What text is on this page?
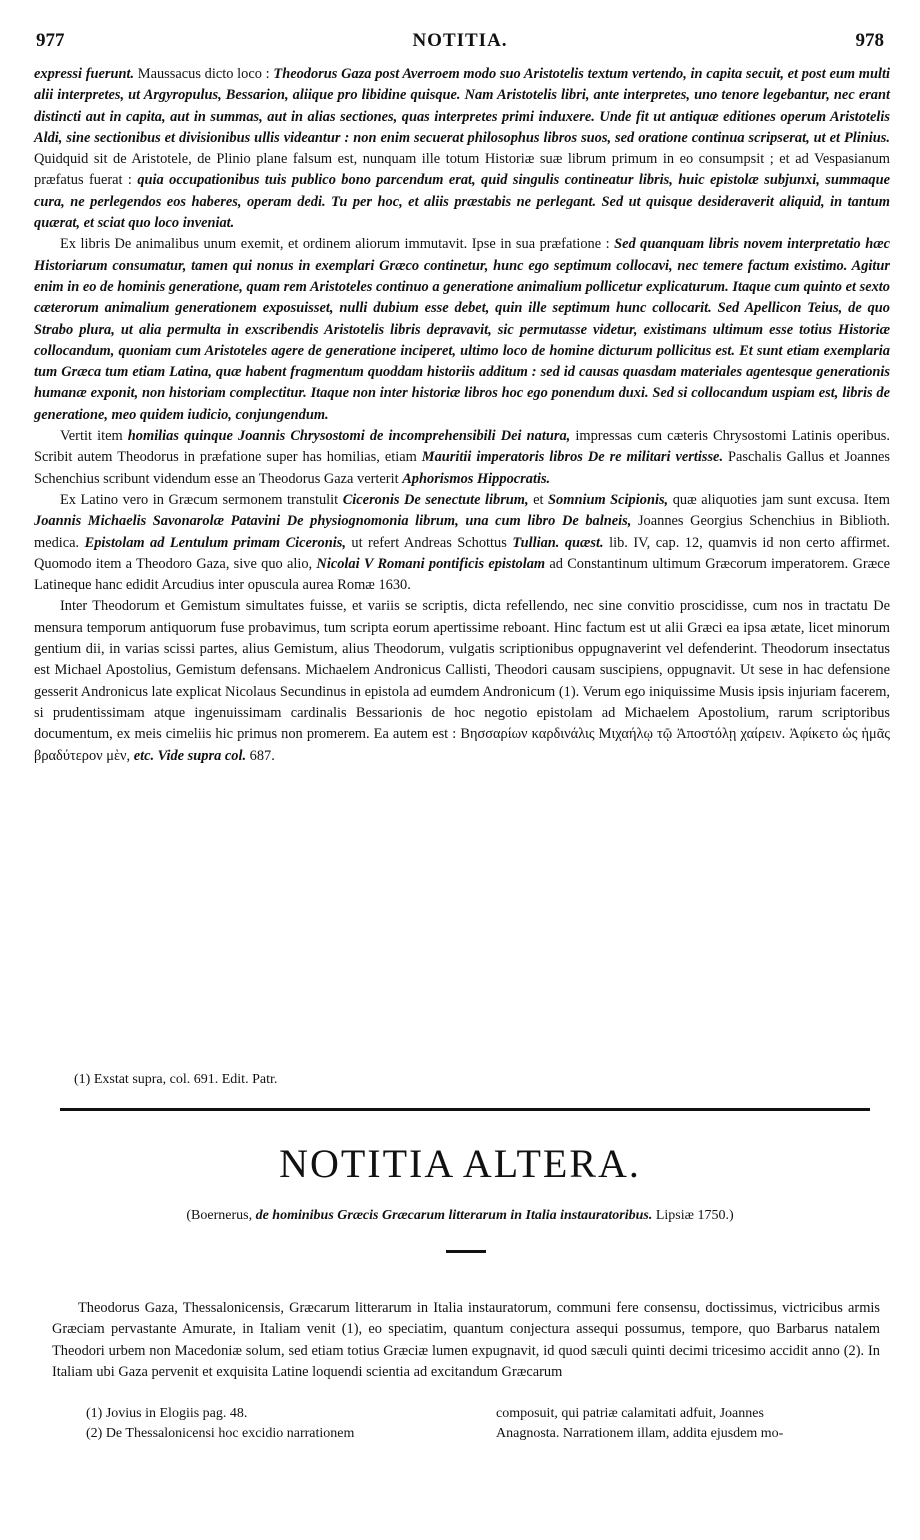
977	NOTITIA.	978

expressi fuerunt. Maussacus dicto loco : Theodorus Gaza post Averroem modo suo Aristotelis textum vertendo, in capita secuit, et post eum multi alii interpretes, ut Argyropulus, Bessarion, aliique pro libidine quisque. Nam Aristotelis libri, ante interpretes, uno tenore legebantur, nec erant distincti aut in capita, aut in summas, aut in alias sectiones, quas interpretes primi induxere. Unde fit ut antiquæ editiones operum Aristotelis Aldi, sine sectionibus et divisionibus ullis videantur : non enim secuerat philosophus libros suos, sed oratione continua scripserat, ut et Plinius. Quidquid sit de Aristotele, de Plinio plane falsum est, nunquam ille totum Historiæ suæ librum primum in eo consumpsit ; et ad Vespasianum præfatus fuerat : quia occupationibus tuis publico bono parcendum erat, quid singulis contineatur libris, huic epistolæ subjunxi, summaque cura, ne perlegendos eos haberes, operam dedi. Tu per hoc, et aliis præstabis ne perlegant. Sed ut quisque desideraverit aliquid, in tantum quærat, et sciat quo loco inveniat.

Ex libris De animalibus unum exemit, et ordinem aliorum immutavit. Ipse in sua præfatione : Sed quanquam libris novem interpretatio hæc Historiarum consumatur, tamen qui nonus in exemplari Græco continetur, hunc ego septimum collocavi, nec temere factum existimo. Agitur enim in eo de hominis generatione, quam rem Aristoteles continuo a generatione animalium pollicetur explicaturum. Itaque cum quinto et sexto cæterorum animalium generationem exposuisset, nulli dubium esse debet, quin ille septimum hunc collocarit. Sed Apellicon Teius, de quo Strabo plura, ut alia permulta in exscribendis Aristotelis libris depravavit, sic permutasse videtur, existimans ultimum esse totius Historiæ collocandum, quoniam cum Aristoteles agere de generatione inciperet, ultimo loco de homine dicturum pollicitus est. Et sunt etiam exemplaria tum Græca tum etiam Latina, quæ habent fragmentum quoddam historiis additum : sed id causas quasdam materiales agentesque generationis humanæ exponit, non historiam complectitur. Itaque non inter historiæ libros hoc ego ponendum duxi. Sed si collocandum uspiam est, libris de generatione, meo quidem iudicio, conjungendum.

Vertit item homilias quinque Joannis Chrysostomi de incomprehensibili Dei natura, impressas cum cæteris Chrysostomi Latinis operibus. Scribit autem Theodorus in præfatione super has homilias, etiam Mauritii imperatoris libros De re militari vertisse. Paschalis Gallus et Joannes Schenchius scribunt videndum esse an Theodorus Gaza verterit Aphorismos Hippocratis.

Ex Latino vero in Græcum sermonem transtulit Ciceronis De senectute librum, et Somnium Scipionis, quæ aliquoties jam sunt excusa. Item Joannis Michaelis Savonarolæ Patavini De physiognomonia librum, una cum libro De balneis, Joannes Georgius Schenchius in Biblioth. medica. Epistolam ad Lentulum primam Ciceronis, ut refert Andreas Schottus Tullian. quæst. lib. IV, cap. 12, quamvis id non certo affirmet. Quomodo item a Theodoro Gaza, sive quo alio, Nicolai V Romani pontificis epistolam ad Constantinum ultimum Græcorum imperatorem. Græce Latineque hanc edidit Arcudius inter opuscula aurea Romæ 1630.

Inter Theodorum et Gemistum simultates fuisse, et variis se scriptis, dicta refellendo, nec sine convitio proscidisse, cum nos in tractatu De mensura temporum antiquorum fuse probavimus, tum scripta eorum apertissime reboant. Hinc factum est ut alii Græci ea ipsa ætate, licet minorum gentium dii, in varias scissi partes, alius Gemistum, alius Theodorum, vulgatis scriptionibus oppugnaverint vel defenderint. Theodorum insectatus est Michael Apostolius, Gemistum defensans. Michaelem Andronicus Callisti, Theodori causam suscipiens, oppugnavit. Ut sese in hac defensione gesserit Andronicus late explicat Nicolaus Secundinus in epistola ad eumdem Andronicum (1). Verum ego iniquissime Musis ipsis injuriam facerem, si prudentissimam atque ingenuissimam cardinalis Bessarionis de hoc negotio epistolam ad Michaelem Apostolium, rarum scriptoribus documentum, ex meis cimeliis hic primus non promerem. Ea autem est : Βησσαρίων καρδινάλις Μιχαήλῳ τῷ Ἀποστόλῃ χαίρειν. Ἀφίκετο ὡς ἡμᾶς βραδύτερον μὲν, etc. Vide supra col. 687.

(1) Exstat supra, col. 691. Edit. Patr.
NOTITIA ALTERA.
(Boernerus, de hominibus Græcis Græcarum litterarum in Italia instauratoribus. Lipsiæ 1750.)

Theodorus Gaza, Thessalonicensis, Græcarum litterarum in Italia instauratorum, communi fere consensu, doctissimus, victricibus armis Græciam pervastante Amurate, in Italiam venit (1), eo speciatim, quantum conjectura assequi possumus, tempore, quo Barbarus natalem Theodori urbem non Macedoniæ solum, sed etiam totius Græciæ lumen expugnavit, id quod sæculi quinti decimi tricesimo accidit anno (2). In Italiam ubi Gaza pervenit et exquisita Latine loquendi scientia ad excitandum Græcarum

(1) Jovius in Elogiis pag. 48.
(2) De Thessalonicensi hoc excidio narrationem
composuit, qui patriæ calamitati adfuit, Joannes
Anagnosta. Narrationem illam, addita ejusdem mo-
